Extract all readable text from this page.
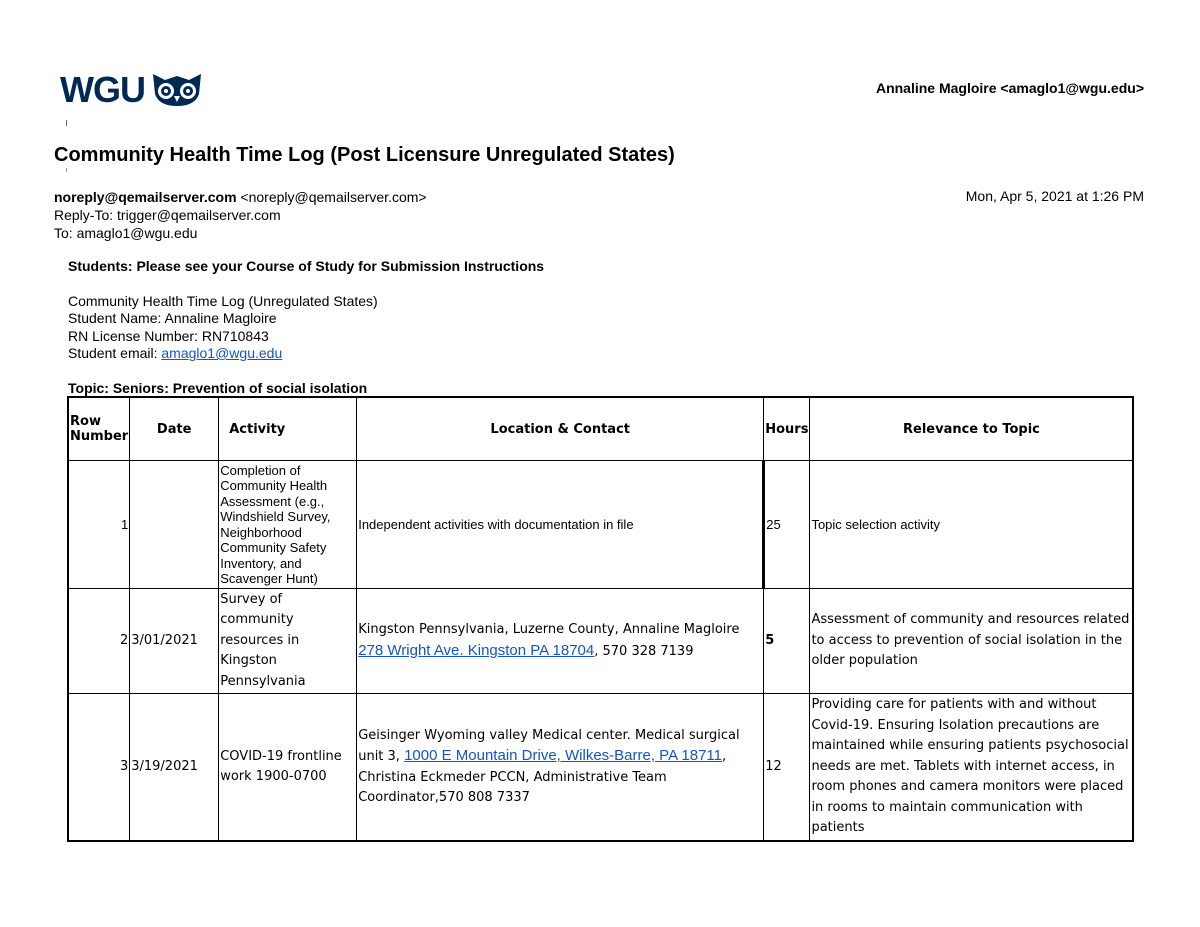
WGU	Annaline Magloire <amaglo1@wgu.edu>
Community Health Time Log (Post Licensure Unregulated States)
noreply@qemailserver.com <noreply@qemailserver.com>
Reply-To: trigger@qemailserver.com
To: amaglo1@wgu.edu
Mon, Apr 5, 2021 at 1:26 PM
Students: Please see your Course of Study for Submission Instructions
Community Health Time Log (Unregulated States)
Student Name: Annaline Magloire
RN License Number: RN710843
Student email: amaglo1@wgu.edu
Topic: Seniors: Prevention of social isolation
Row Number	Date	Activity	Location & Contact	Hours	Relevance to Topic
1		Completion of Community Health Assessment (e.g., Windshield Survey, Neighborhood Community Safety Inventory, and Scavenger Hunt)	Independent activities with documentation in file	25	Topic selection activity
2	3/01/2021	Survey of community resources in Kingston Pennsylvania	Kingston Pennsylvania, Luzerne County, Annaline Magloire 278 Wright Ave. Kingston PA 18704, 570 328 7139	5	Assessment of community and resources related to access to prevention of social isolation in the older population
3	3/19/2021	COVID-19 frontline work 1900-0700	Geisinger Wyoming valley Medical center. Medical surgical unit 3, 1000 E Mountain Drive, Wilkes-Barre, PA 18711, Christina Eckmeder PCCN, Administrative Team Coordinator,570 808 7337	12	Providing care for patients with and without Covid-19. Ensuring Isolation precautions are maintained while ensuring patients psychosocial needs are met. Tablets with internet access, in room phones and camera monitors were placed in rooms to maintain communication with patients
